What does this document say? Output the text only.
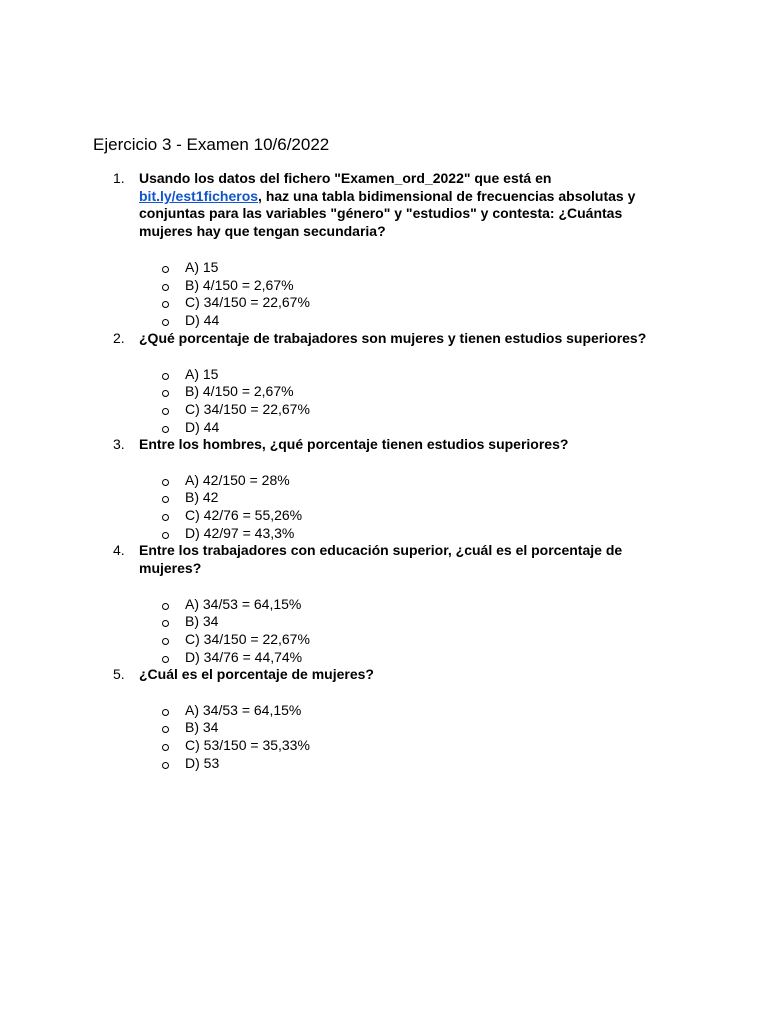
Ejercicio 3 - Examen 10/6/2022
1. Usando los datos del fichero "Examen_ord_2022" que está en bit.ly/est1ficheros, haz una tabla bidimensional de frecuencias absolutas y conjuntas para las variables "género" y "estudios" y contesta: ¿Cuántas mujeres hay que tengan secundaria?
A) 15
B) 4/150 = 2,67%
C) 34/150 = 22,67%
D) 44
2. ¿Qué porcentaje de trabajadores son mujeres y tienen estudios superiores?
A) 15
B) 4/150 = 2,67%
C) 34/150 = 22,67%
D) 44
3. Entre los hombres, ¿qué porcentaje tienen estudios superiores?
A) 42/150 = 28%
B) 42
C) 42/76 = 55,26%
D) 42/97 = 43,3%
4. Entre los trabajadores con educación superior, ¿cuál es el porcentaje de mujeres?
A) 34/53 = 64,15%
B) 34
C) 34/150 = 22,67%
D) 34/76 = 44,74%
5. ¿Cuál es el porcentaje de mujeres?
A) 34/53 = 64,15%
B) 34
C) 53/150 = 35,33%
D) 53
